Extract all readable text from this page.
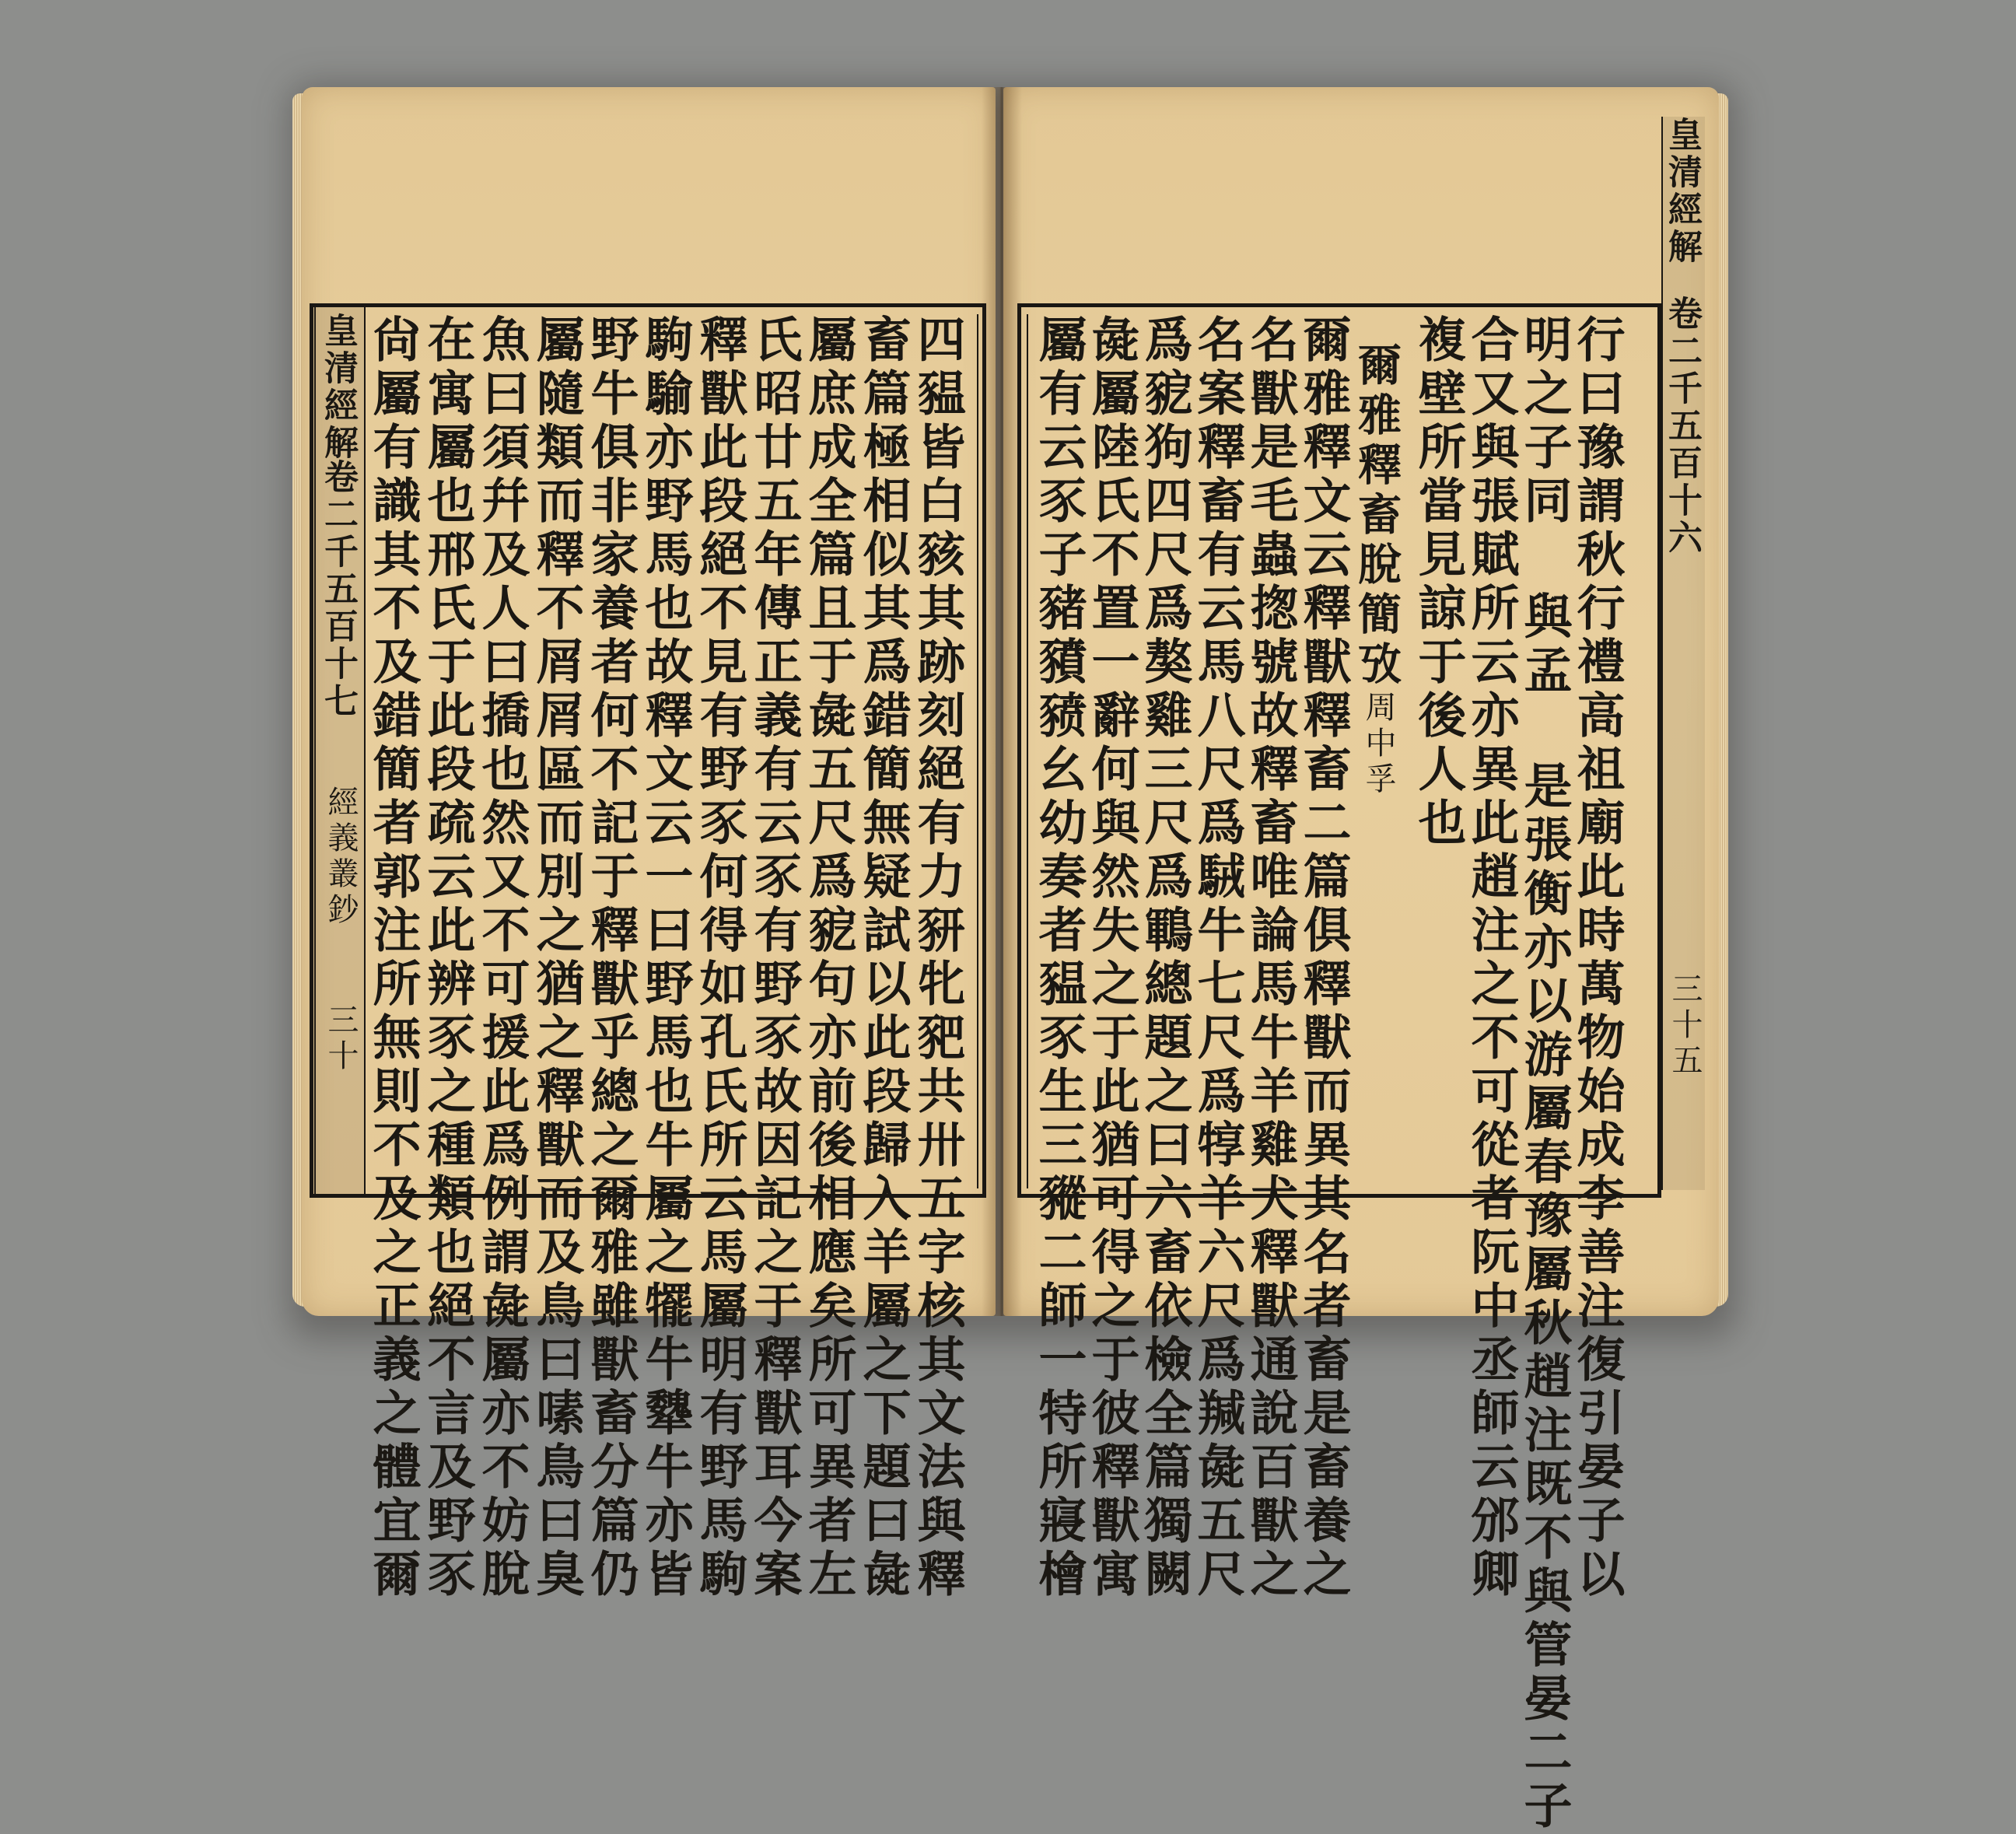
皇清經解
卷二千五百十七
經義叢鈔
三十 尙屬有識其不及錯簡者郭注所無則不及之正義之體宜爾
在寓屬也邢氏于此段疏云此辨豕之種類也絕不言及野豕
魚曰須幷及人曰撟也然又不可援此爲例謂彘屬亦不妨脫
屬隨類而釋不屑屑區而別之猶之釋獸而及鳥曰嗉鳥曰臭
野牛俱非家養者何不記于釋獸乎總之爾雅雖獸畜分篇仍
駒騟亦野馬也故釋文云一曰野馬也牛屬之犤牛犩牛亦皆
釋獸此段絕不見有野豕何得如孔氏所云馬屬明有野馬駒
氏昭廿五年傳正義有云豕有野豕故因記之于釋獸耳今案
屬庶成全篇且于彘五尺爲豟句亦前後相應矣所可異者左
畜篇極相似其爲錯簡無疑試以此段歸入羊屬之下題曰彘
四豱皆白豥其跡刻絕有力豜牝豝共卅五字核其文法與釋 屬有云豕子豬豶豮幺幼奏者豱豕生三豵二師一特所寢檜
彘屬陸氏不置一辭何與然失之于此猶可得之于彼釋獸寓
爲豟狗四尺爲獒雞三尺爲鶤總題之曰六畜依檢全篇獨闕
名案釋畜有云馬八尺爲駥牛七尺爲犉羊六尺爲羬彘五尺
名獸是毛蟲揔號故釋畜唯論馬牛羊雞犬釋獸通說百獸之
爾雅釋文云釋獸釋畜二篇俱釋獸而異其名者畜是畜養之 爾雅釋畜脫簡攷
周中孚 複壁所當見諒于後人也
合又與張賦所云亦異此趙注之不可從者阮中丞師云邠卿
明之子同 與孟 是張衡亦以游屬春豫屬秋趙注既不與管晏二子
行曰豫謂秋行禮高祖廟此時萬物始成李善注復引晏子以
皇清經解
卷二千五百十六
三十五
